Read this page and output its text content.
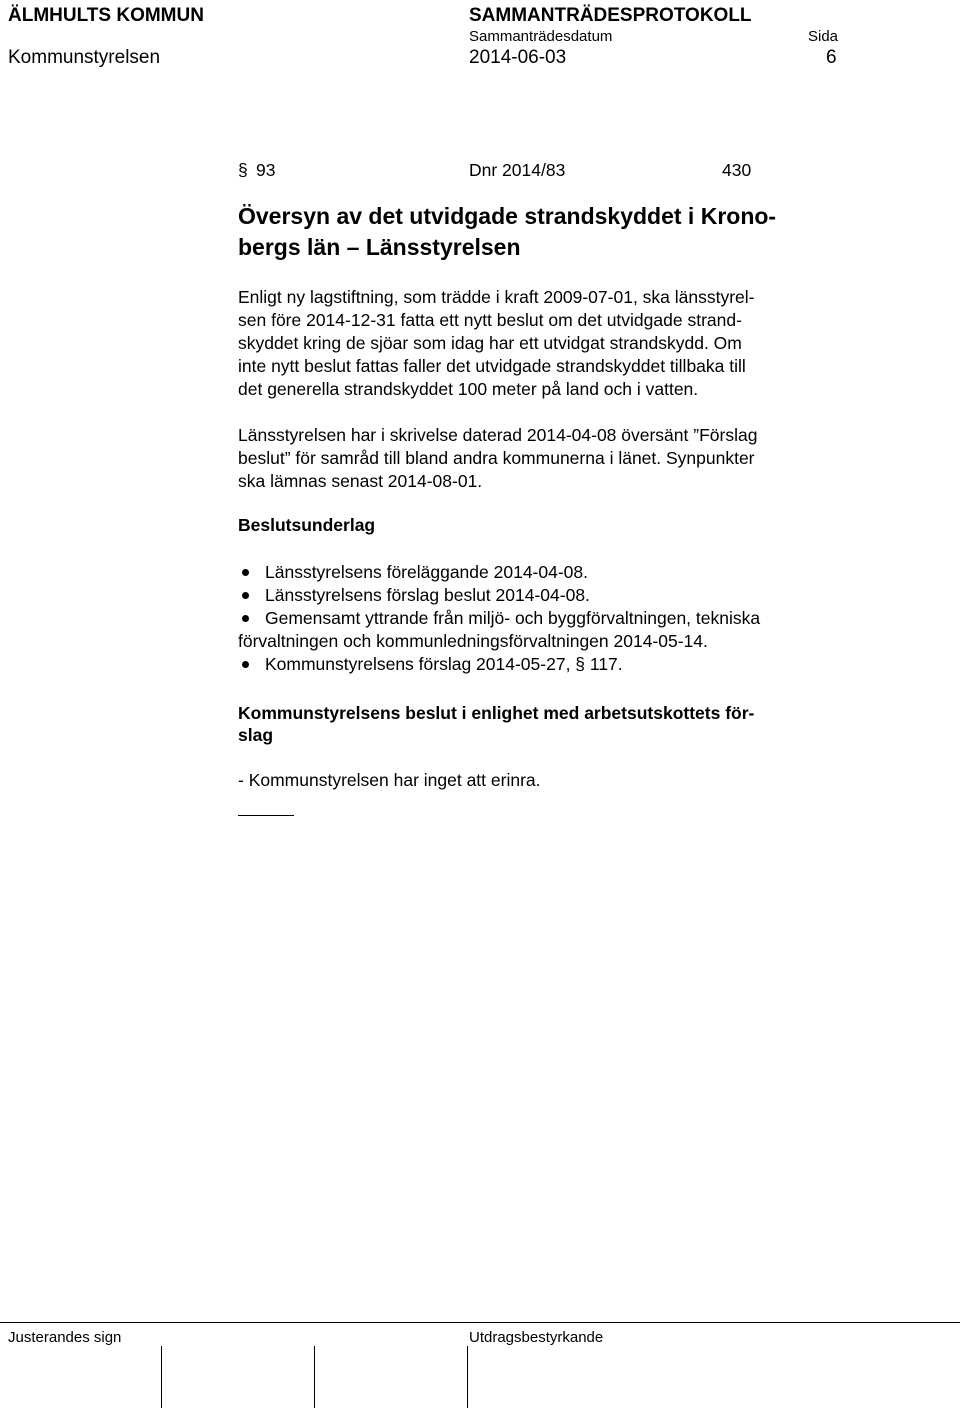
ÄLMHULTS KOMMUN	SAMMANTRÄDESPROTOKOLL
Sammanträdesdatum	Sida
Kommunstyrelsen	2014-06-03	6
§ 93	Dnr 2014/83	430
Översyn av det utvidgade strandskyddet i Krono-
bergs län – Länsstyrelsen
Enligt ny lagstiftning, som trädde i kraft 2009-07-01, ska länsstyrel-
sen före 2014-12-31 fatta ett nytt beslut om det utvidgade strand-
skyddet kring de sjöar som idag har ett utvidgat strandskydd. Om
inte nytt beslut fattas faller det utvidgade strandskyddet tillbaka till
det generella strandskyddet 100 meter på land och i vatten.
Länsstyrelsen har i skrivelse daterad 2014-04-08 översänt ”Förslag
beslut” för samråd till bland andra kommunerna i länet. Synpunkter
ska lämnas senast 2014-08-01.
Beslutsunderlag
Länsstyrelsens föreläggande 2014-04-08.
Länsstyrelsens förslag beslut 2014-04-08.
Gemensamt yttrande från miljö- och byggförvaltningen, tekniska
förvaltningen och kommunledningsförvaltningen 2014-05-14.
Kommunstyrelsens förslag 2014-05-27, § 117.
Kommunstyrelsens beslut i enlighet med arbetsutskottets för-
slag
- Kommunstyrelsen har inget att erinra.
Justerandes sign	Utdragsbestyrkande
